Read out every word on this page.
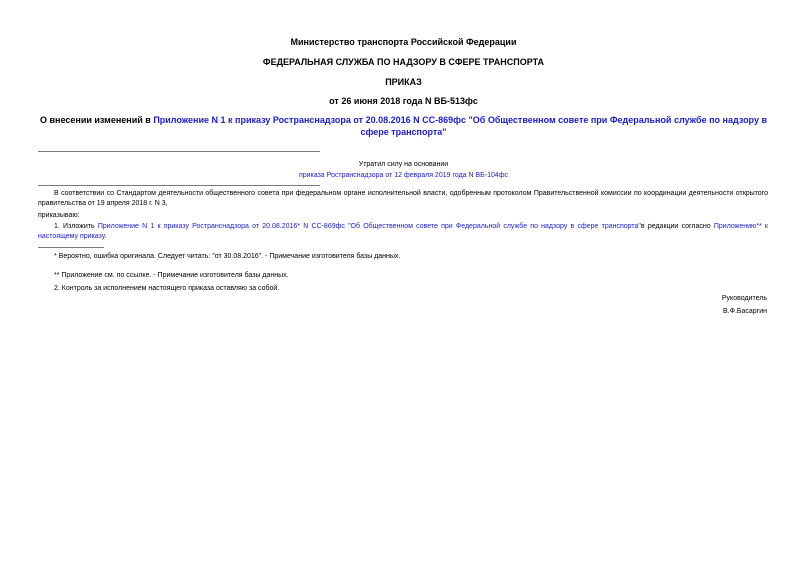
Министерство транспорта Российской Федерации
ФЕДЕРАЛЬНАЯ СЛУЖБА ПО НАДЗОРУ В СФЕРЕ ТРАНСПОРТА
ПРИКАЗ
от 26 июня 2018 года N ВБ-513фс
О внесении изменений в Приложение N 1 к приказу Ространснадзора от 20.08.2016 N СС-869фс "Об Общественном совете при Федеральной службе по надзору в сфере транспорта"
Утратил силу на основании
приказа Ространснадзора от 12 февраля 2019 года N ВБ-104фс
В соответствии со Стандартом деятельности общественного совета при федеральном органе исполнительной власти, одобренным протоколом Правительственной комиссии по координации деятельности открытого правительства от 19 апреля 2018 г. N 3,
приказываю:
1. Изложить Приложение N 1 к приказу Ространснадзора от 20.08.2016* N СС-869фс "Об Общественном совете при Федеральной службе по надзору в сфере транспорта"в редакции согласно Приложению** к настоящему приказу.
* Вероятно, ошибка оригинала. Следует читать: "от 30.08.2016". - Примечание изготовителя базы данных.
** Приложение см. по ссылке. - Примечание изготовителя базы данных.
2. Контроль за исполнением настоящего приказа оставляю за собой.
Руководитель
В.Ф.Басаргин
